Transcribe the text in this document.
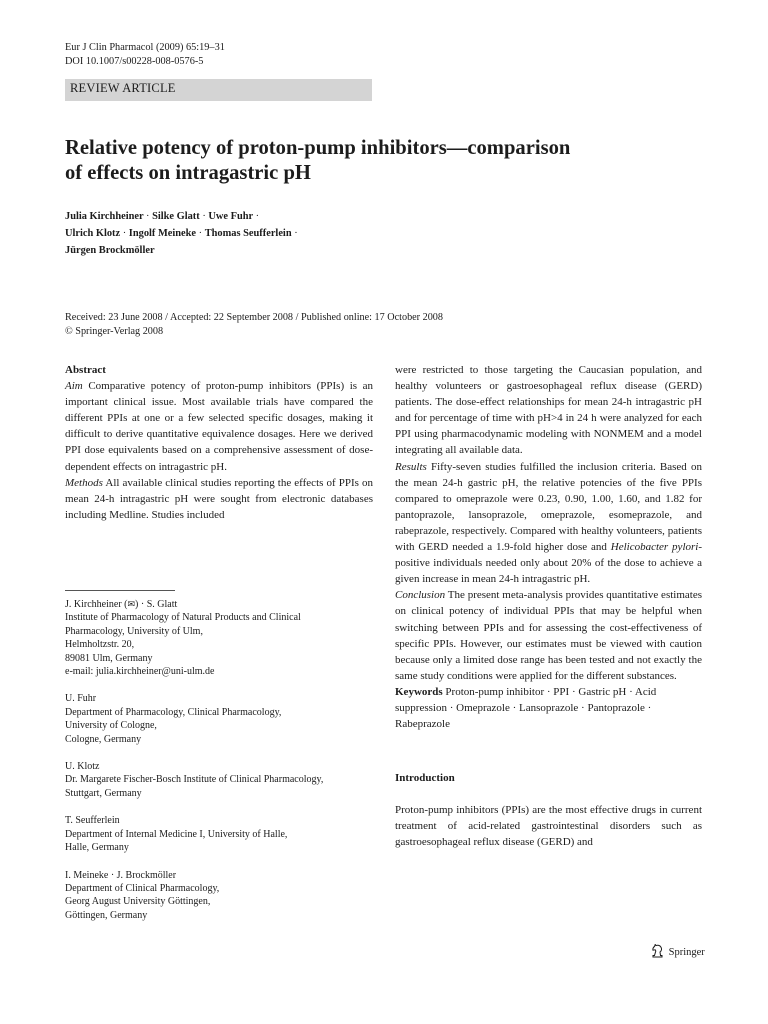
Eur J Clin Pharmacol (2009) 65:19–31
DOI 10.1007/s00228-008-0576-5
REVIEW ARTICLE
Relative potency of proton-pump inhibitors—comparison
of effects on intragastric pH
Julia Kirchheiner · Silke Glatt · Uwe Fuhr ·
Ulrich Klotz · Ingolf Meineke · Thomas Seufferlein ·
Jürgen Brockmöller
Received: 23 June 2008 / Accepted: 22 September 2008 / Published online: 17 October 2008
© Springer-Verlag 2008

Abstract

Aim Comparative potency of proton-pump inhibitors (PPIs) is an important clinical issue. Most available trials have compared the different PPIs at one or a few selected specific dosages, making it difficult to derive quantitative equivalence dosages. Here we derived PPI dose equivalents based on a comprehensive assessment of dose-dependent effects on intragastric pH.

Methods All available clinical studies reporting the effects of PPIs on mean 24-h intragastric pH were sought from electronic databases including Medline. Studies included

J. Kirchheiner (✉) · S. Glatt
Institute of Pharmacology of Natural Products and Clinical
Pharmacology, University of Ulm,
Helmholtzstr. 20,
89081 Ulm, Germany
e-mail: julia.kirchheiner@uni-ulm.de
U. Fuhr
Department of Pharmacology, Clinical Pharmacology,
University of Cologne,
Cologne, Germany
U. Klotz
Dr. Margarete Fischer-Bosch Institute of Clinical Pharmacology,
Stuttgart, Germany
T. Seufferlein
Department of Internal Medicine I, University of Halle,
Halle, Germany
I. Meineke · J. Brockmöller
Department of Clinical Pharmacology,
Georg August University Göttingen,
Göttingen, Germany

were restricted to those targeting the Caucasian population, and healthy volunteers or gastroesophageal reflux disease (GERD) patients. The dose-effect relationships for mean 24-h intragastric pH and for percentage of time with pH>4 in 24 h were analyzed for each PPI using pharmacodynamic modeling with NONMEM and a model integrating all available data.

Results Fifty-seven studies fulfilled the inclusion criteria. Based on the mean 24-h gastric pH, the relative potencies of the five PPIs compared to omeprazole were 0.23, 0.90, 1.00, 1.60, and 1.82 for pantoprazole, lansoprazole, omeprazole, esomeprazole, and rabeprazole, respectively. Compared with healthy volunteers, patients with GERD needed a 1.9-fold higher dose and Helicobacter pylori-positive individuals needed only about 20% of the dose to achieve a given increase in mean 24-h intragastric pH.

Conclusion The present meta-analysis provides quantitative estimates on clinical potency of individual PPIs that may be helpful when switching between PPIs and for assessing the cost-effectiveness of specific PPIs. However, our estimates must be viewed with caution because only a limited dose range has been tested and not exactly the same study conditions were applied for the different substances.

Keywords Proton-pump inhibitor · PPI · Gastric pH · Acid suppression · Omeprazole · Lansoprazole · Pantoprazole · Rabeprazole

Introduction

Proton-pump inhibitors (PPIs) are the most effective drugs in current treatment of acid-related gastrointestinal disorders such as gastroesophageal reflux disease (GERD) and

Springer
